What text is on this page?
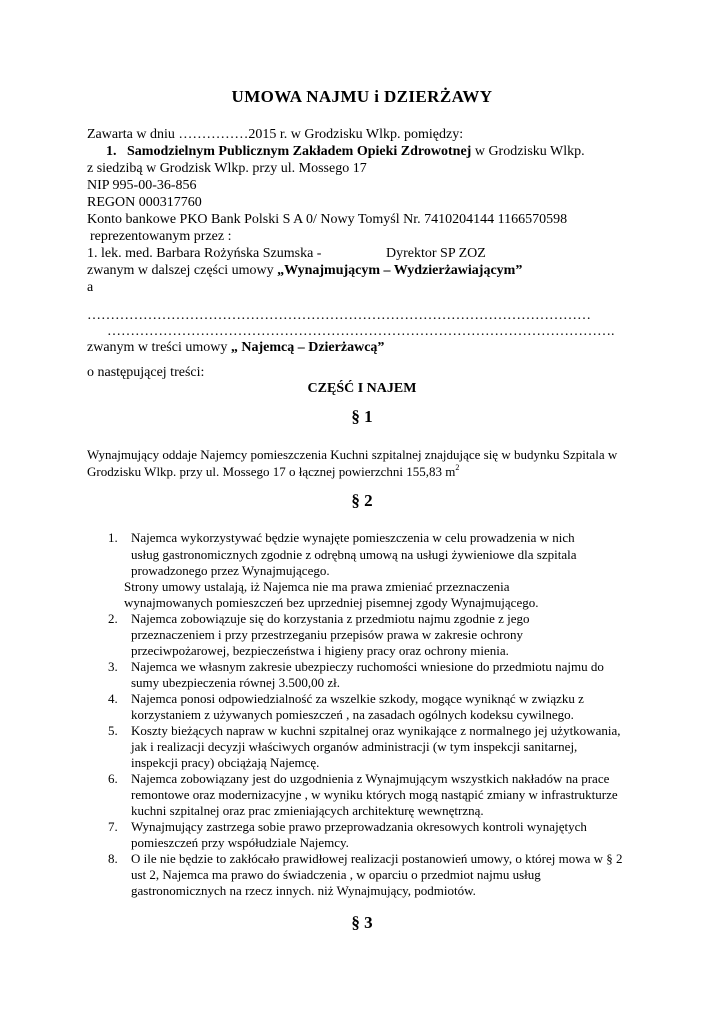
UMOWA NAJMU i DZIERŻAWY
Zawarta w dniu ……………2015 r. w Grodzisku Wlkp. pomiędzy:
1. Samodzielnym Publicznym Zakładem Opieki Zdrowotnej w Grodzisku Wlkp.
z siedzibą w Grodzisk Wlkp. przy ul. Mossego 17
NIP 995-00-36-856
REGON 000317760
Konto bankowe PKO Bank Polski S A 0/ Nowy Tomyśl Nr. 7410204144 1166570598
reprezentowanym przez :
1. lek. med. Barbara Rożyńska Szumska -	Dyrektor SP ZOZ
zwanym w dalszej części umowy „Wynajmującym – Wydzierżawiającym”
a
………………………………………………………………………………………………
……………………………………………………………………………………………….
zwanym w treści umowy „ Najemcą – Dzierżawcą”
o następującej treści:
CZĘŚĆ I NAJEM
§ 1
Wynajmujący oddaje Najemcy pomieszczenia Kuchni szpitalnej znajdujące się w budynku Szpitala w
Grodzisku Wlkp. przy ul. Mossego 17 o łącznej powierzchni 155,83 $m^2$
§ 2
1. Najemca wykorzystywać będzie wynajęte pomieszczenia w celu prowadzenia w nich
usług gastronomicznych zgodnie z odrębną umową na usługi żywieniowe dla szpitala
prowadzonego przez Wynajmującego.
Strony umowy ustalają, iż Najemca nie ma prawa zmieniać przeznaczenia
wynajmowanych pomieszczeń bez uprzedniej pisemnej zgody Wynajmującego.
2. Najemca zobowiązuje się do korzystania z przedmiotu najmu zgodnie z jego
przeznaczeniem i przy przestrzeganiu przepisów prawa w zakresie ochrony
przeciwpożarowej, bezpieczeństwa i higieny pracy oraz ochrony mienia.
3. Najemca we własnym zakresie ubezpieczy ruchomości wniesione do przedmiotu najmu do
sumy ubezpieczenia równej 3.500,00 zł.
4. Najemca ponosi odpowiedzialność za wszelkie szkody, mogące wyniknąć w związku z
korzystaniem z używanych pomieszczeń , na zasadach ogólnych kodeksu cywilnego.
5. Koszty bieżących napraw w kuchni szpitalnej oraz wynikające z normalnego jej użytkowania,
jak i realizacji decyzji właściwych organów administracji (w tym inspekcji sanitarnej,
inspekcji pracy) obciążają Najemcę.
6. Najemca zobowiązany jest do uzgodnienia z Wynajmującym wszystkich nakładów na prace
remontowe oraz modernizacyjne , w wyniku których mogą nastąpić zmiany w infrastrukturze
kuchni szpitalnej oraz prac zmieniających architekturę wewnętrzną.
7. Wynajmujący zastrzega sobie prawo przeprowadzania okresowych kontroli wynajętych
pomieszczeń przy współudziale Najemcy.
8. O ile nie będzie to zakłócało prawidłowej realizacji postanowień umowy, o której mowa w § 2
ust 2, Najemca ma prawo do świadczenia , w oparciu o przedmiot najmu usług
gastronomicznych na rzecz innych. niż Wynajmujący, podmiotów.
§ 3
